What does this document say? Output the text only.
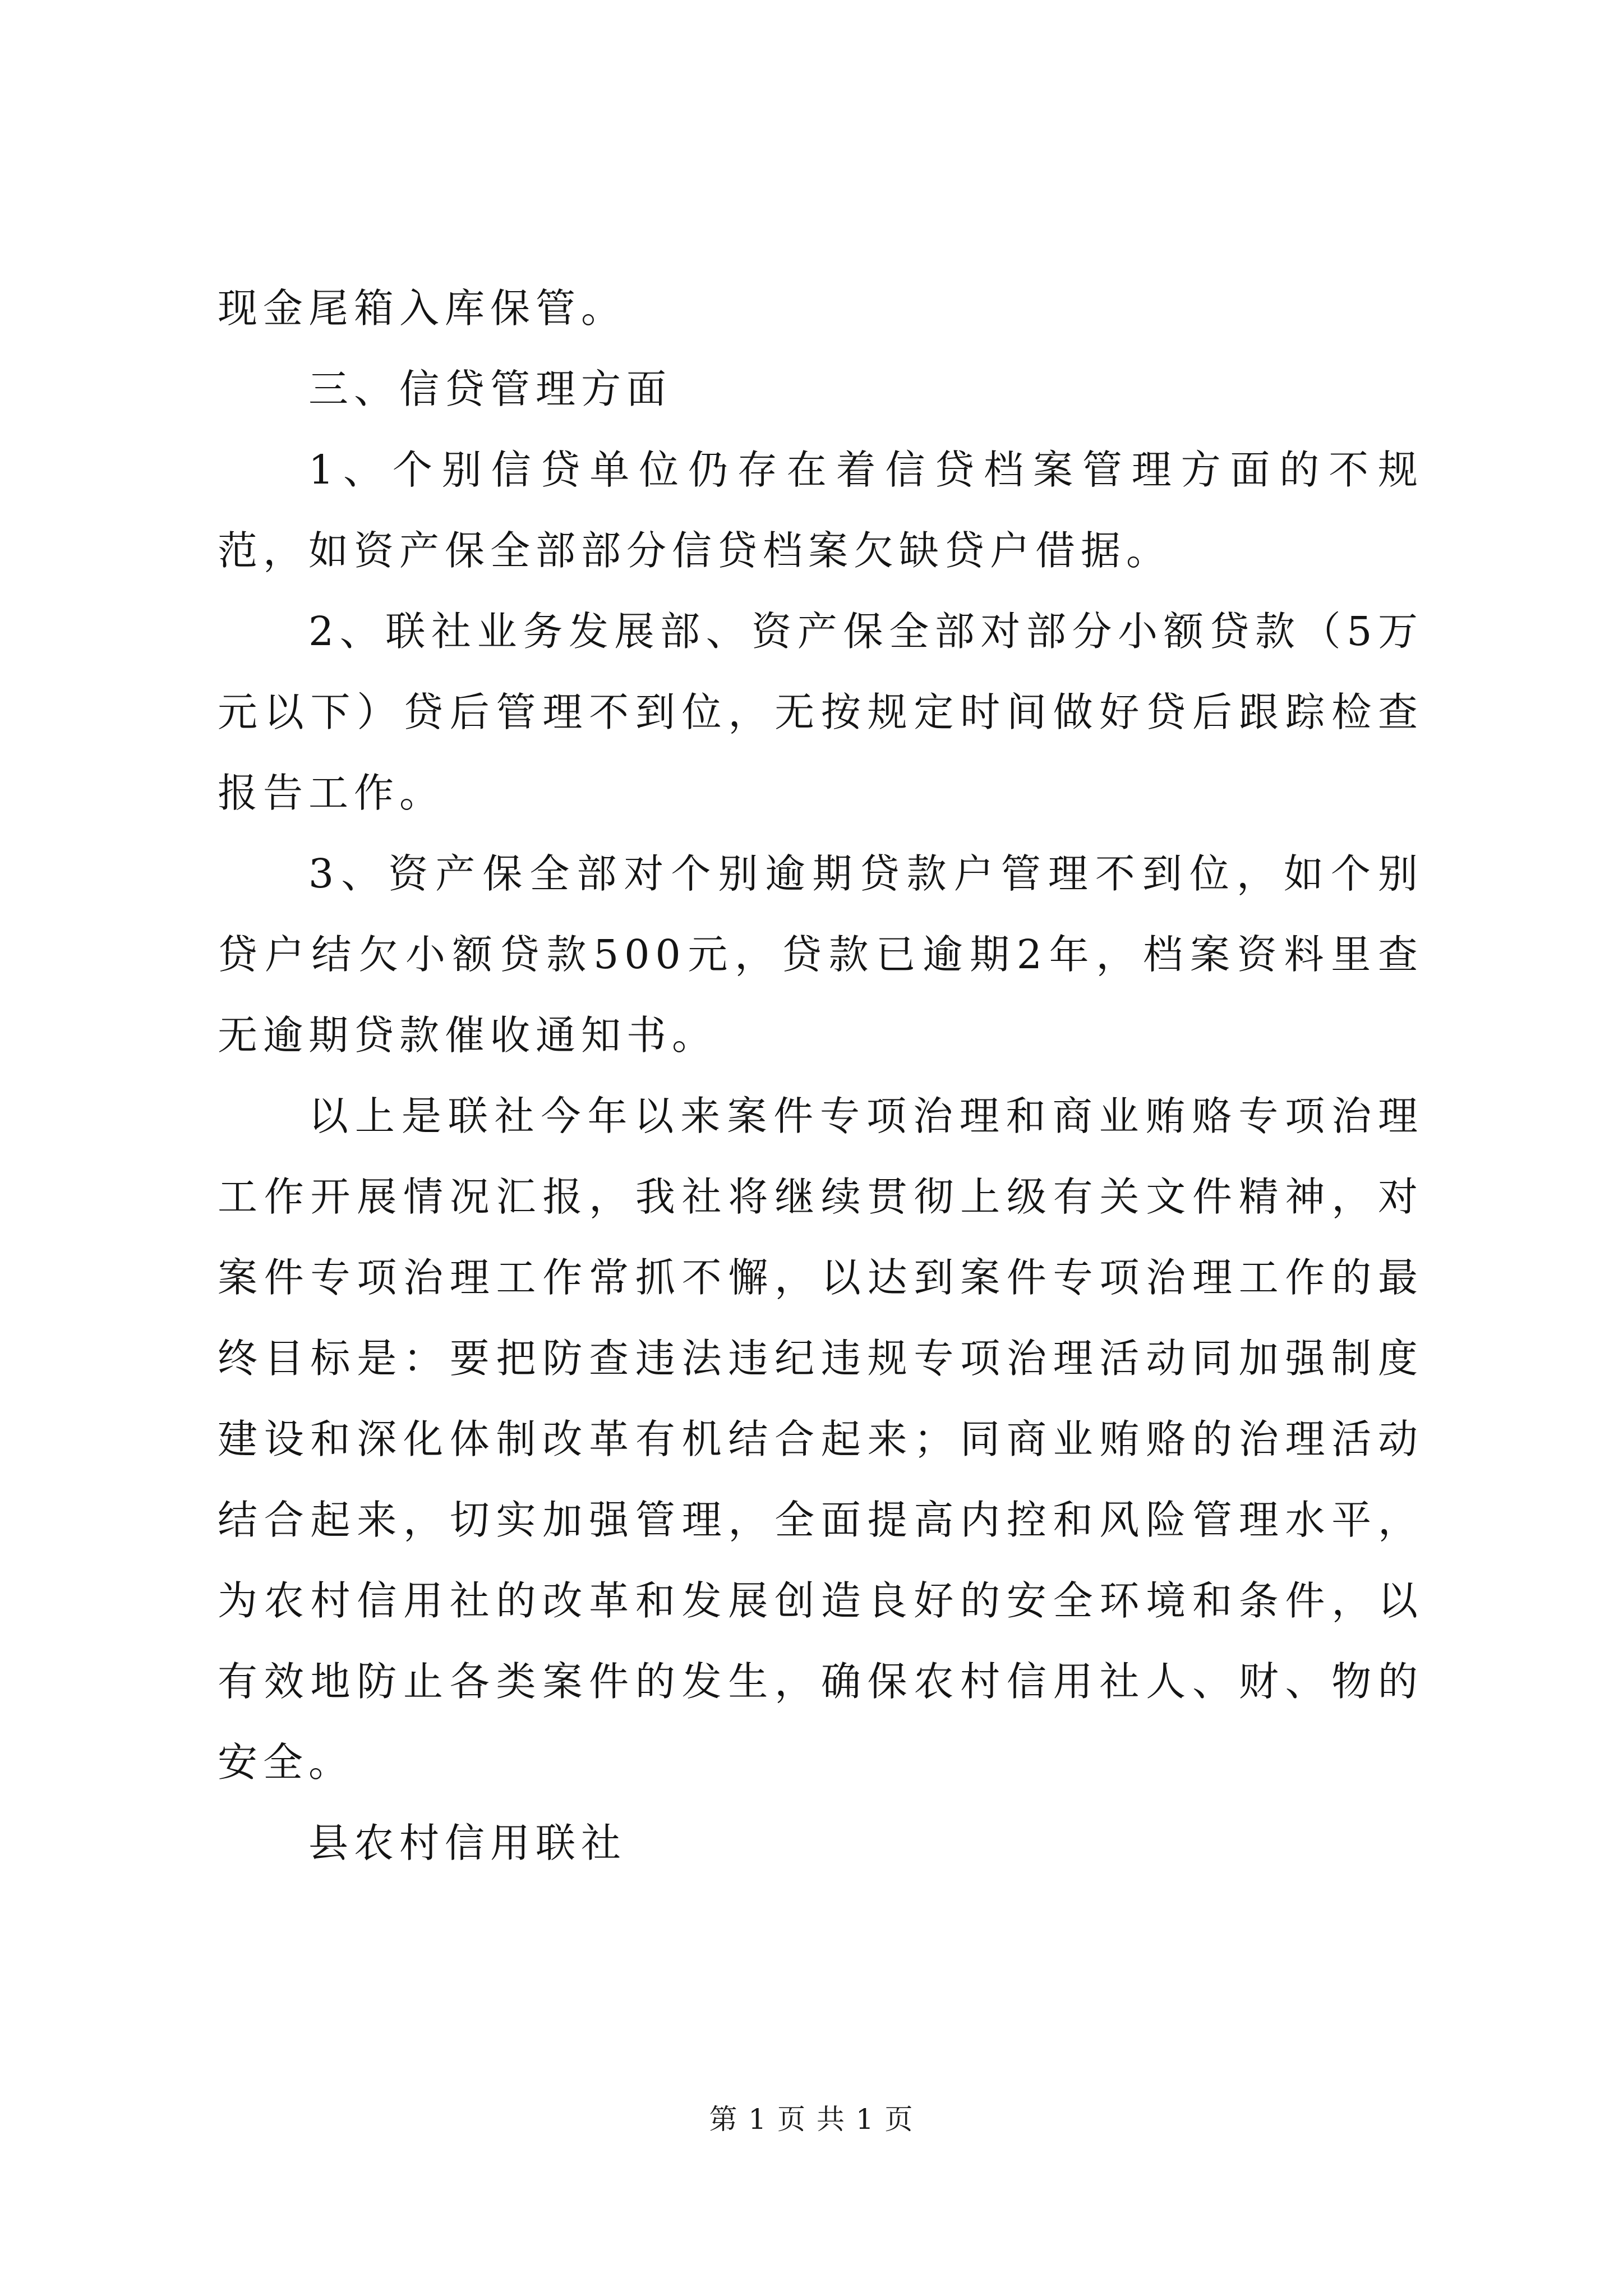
现金尾箱入库保管。

三、信贷管理方面

1、个别信贷单位仍存在着信贷档案管理方面的不规范，如资产保全部部分信贷档案欠缺贷户借据。

2、联社业务发展部、资产保全部对部分小额贷款（5万元以下）贷后管理不到位，无按规定时间做好贷后跟踪检查报告工作。

3、资产保全部对个别逾期贷款户管理不到位，如个别贷户结欠小额贷款500元，贷款已逾期2年，档案资料里查无逾期贷款催收通知书。

以上是联社今年以来案件专项治理和商业贿赂专项治理工作开展情况汇报，我社将继续贯彻上级有关文件精神，对案件专项治理工作常抓不懈，以达到案件专项治理工作的最终目标是：要把防查违法违纪违规专项治理活动同加强制度建设和深化体制改革有机结合起来；同商业贿赂的治理活动结合起来，切实加强管理，全面提高内控和风险管理水平，为农村信用社的改革和发展创造良好的安全环境和条件，以有效地防止各类案件的发生，确保农村信用社人、财、物的安全。

县农村信用联社

第 1 页 共 1 页
